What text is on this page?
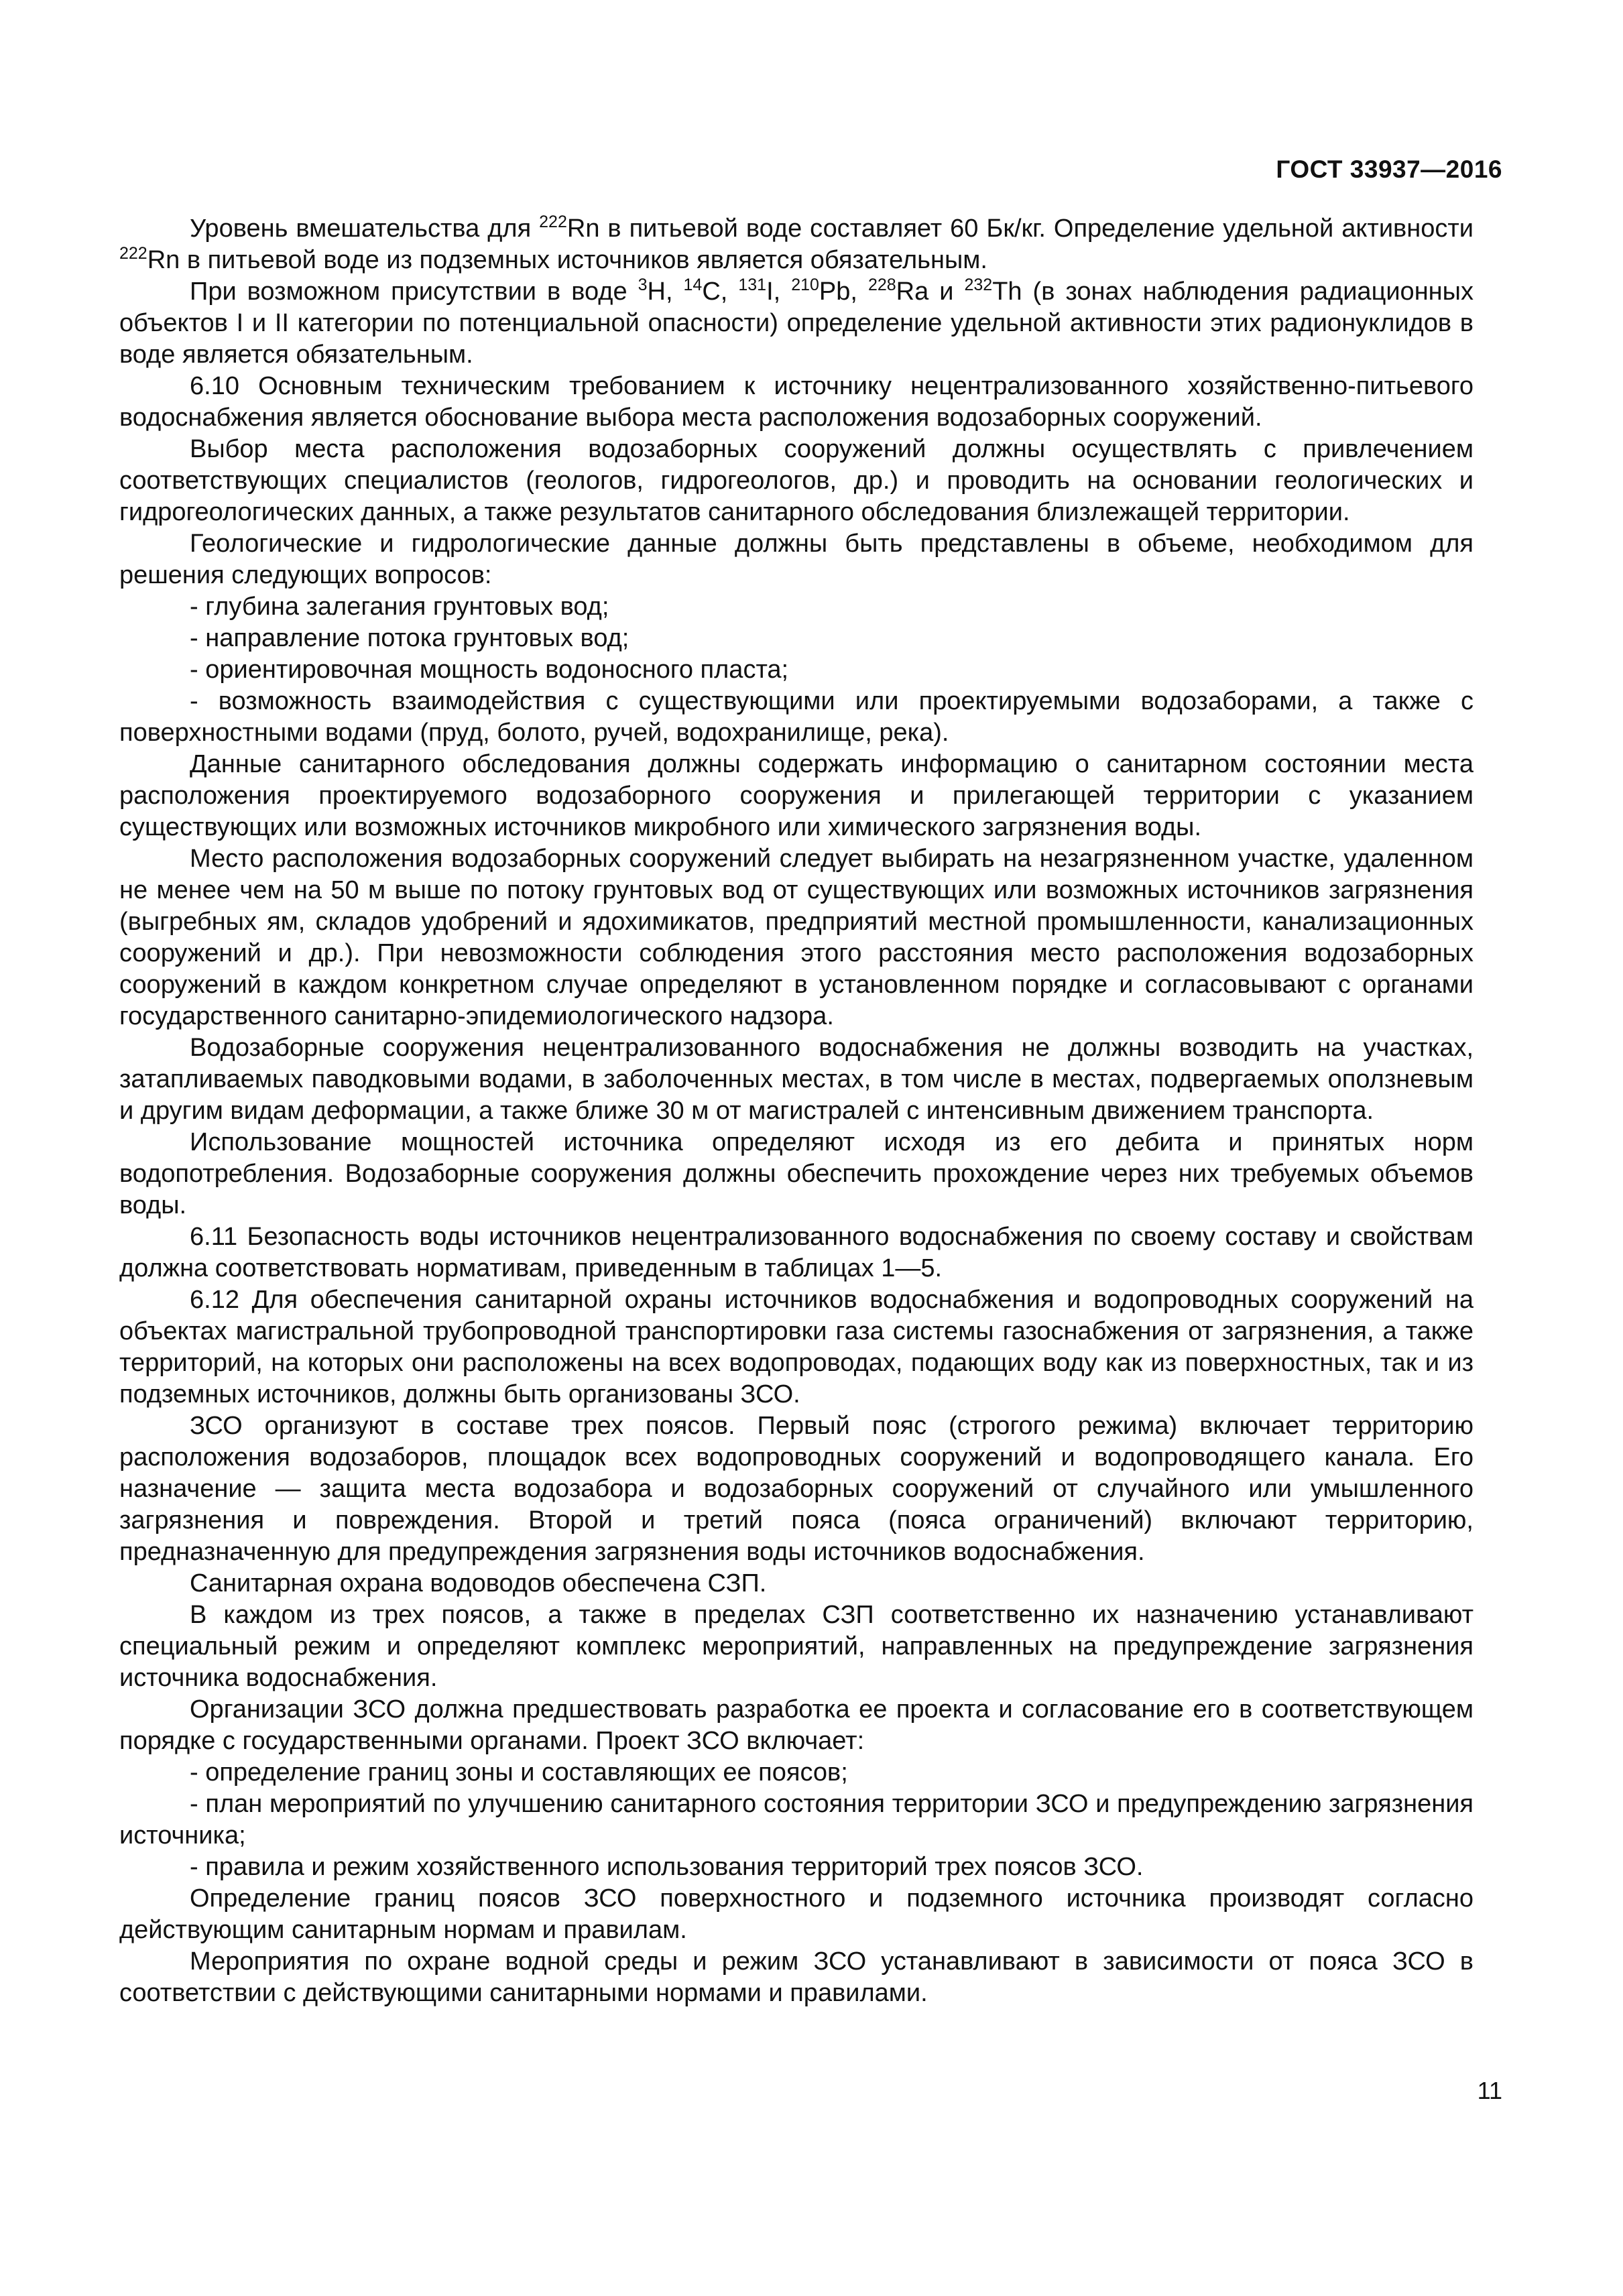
ГОСТ 33937—2016

Уровень вмешательства для $^{222}$Rn в питьевой воде составляет 60 Бк/кг. Определение удельной активности $^{222}$Rn в питьевой воде из подземных источников является обязательным.

При возможном присутствии в воде $^3$H, $^{14}$C, $^{131}$I, $^{210}$Pb, $^{228}$Ra и $^{232}$Th (в зонах наблюдения радиационных объектов I и II категории по потенциальной опасности) определение удельной активности этих радионуклидов в воде является обязательным.

6.10 Основным техническим требованием к источнику нецентрализованного хозяйственно-питьевого водоснабжения является обоснование выбора места расположения водозаборных сооружений.

Выбор места расположения водозаборных сооружений должны осуществлять с привлечением соответствующих специалистов (геологов, гидрогеологов, др.) и проводить на основании геологических и гидрогеологических данных, а также результатов санитарного обследования близлежащей территории.

Геологические и гидрологические данные должны быть представлены в объеме, необходимом для решения следующих вопросов:

- глубина залегания грунтовых вод;

- направление потока грунтовых вод;

- ориентировочная мощность водоносного пласта;

- возможность взаимодействия с существующими или проектируемыми водозаборами, а также с поверхностными водами (пруд, болото, ручей, водохранилище, река).

Данные санитарного обследования должны содержать информацию о санитарном состоянии места расположения проектируемого водозаборного сооружения и прилегающей территории с указанием существующих или возможных источников микробного или химического загрязнения воды.

Место расположения водозаборных сооружений следует выбирать на незагрязненном участке, удаленном не менее чем на 50 м выше по потоку грунтовых вод от существующих или возможных источников загрязнения (выгребных ям, складов удобрений и ядохимикатов, предприятий местной промышленности, канализационных сооружений и др.). При невозможности соблюдения этого расстояния место расположения водозаборных сооружений в каждом конкретном случае определяют в установленном порядке и согласовывают с органами государственного санитарно-эпидемиологического надзора.

Водозаборные сооружения нецентрализованного водоснабжения не должны возводить на участках, затапливаемых паводковыми водами, в заболоченных местах, в том числе в местах, подвергаемых оползневым и другим видам деформации, а также ближе 30 м от магистралей с интенсивным движением транспорта.

Использование мощностей источника определяют исходя из его дебита и принятых норм водопотребления. Водозаборные сооружения должны обеспечить прохождение через них требуемых объемов воды.

6.11 Безопасность воды источников нецентрализованного водоснабжения по своему составу и свойствам должна соответствовать нормативам, приведенным в таблицах 1—5.

6.12 Для обеспечения санитарной охраны источников водоснабжения и водопроводных сооружений на объектах магистральной трубопроводной транспортировки газа системы газоснабжения от загрязнения, а также территорий, на которых они расположены на всех водопроводах, подающих воду как из поверхностных, так и из подземных источников, должны быть организованы ЗСО.

ЗСО организуют в составе трех поясов. Первый пояс (строгого режима) включает территорию расположения водозаборов, площадок всех водопроводных сооружений и водопроводящего канала. Его назначение — защита места водозабора и водозаборных сооружений от случайного или умышленного загрязнения и повреждения. Второй и третий пояса (пояса ограничений) включают территорию, предназначенную для предупреждения загрязнения воды источников водоснабжения.

Санитарная охрана водоводов обеспечена СЗП.

В каждом из трех поясов, а также в пределах СЗП соответственно их назначению устанавливают специальный режим и определяют комплекс мероприятий, направленных на предупреждение загрязнения источника водоснабжения.

Организации ЗСО должна предшествовать разработка ее проекта и согласование его в соответствующем порядке с государственными органами. Проект ЗСО включает:

- определение границ зоны и составляющих ее поясов;

- план мероприятий по улучшению санитарного состояния территории ЗСО и предупреждению загрязнения источника;

- правила и режим хозяйственного использования территорий трех поясов ЗСО.

Определение границ поясов ЗСО поверхностного и подземного источника производят согласно действующим санитарным нормам и правилам.

Мероприятия по охране водной среды и режим ЗСО устанавливают в зависимости от пояса ЗСО в соответствии с действующими санитарными нормами и правилами.

11
